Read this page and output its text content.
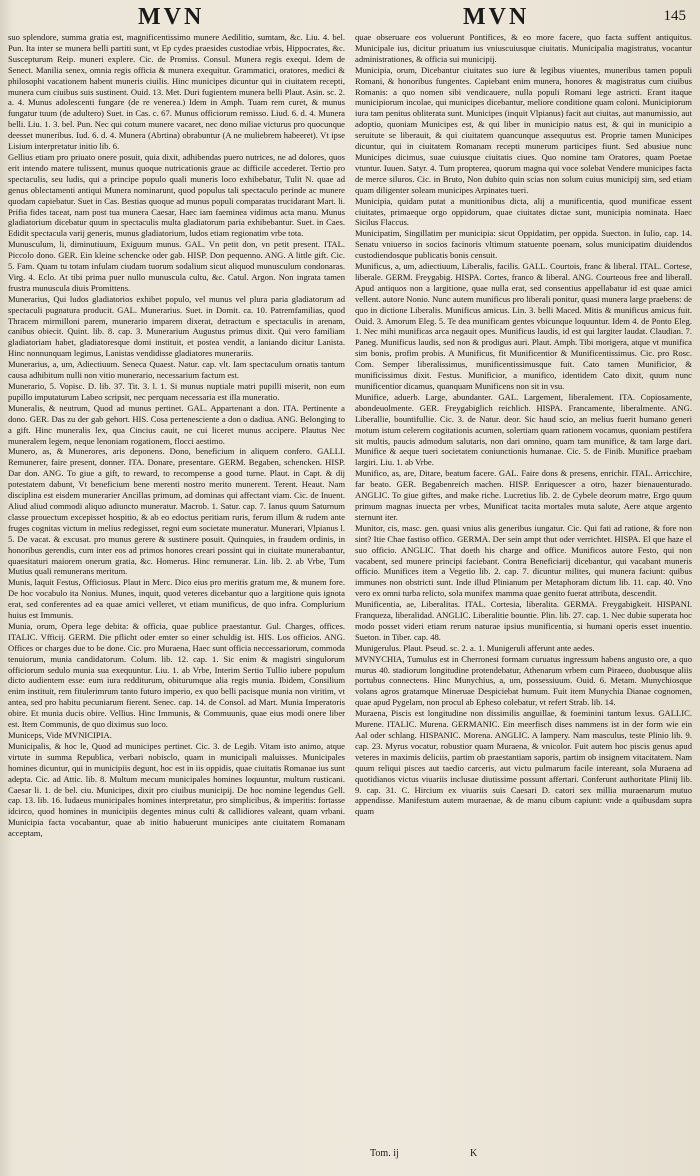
MVN	MVN	145

suo splendore, summa gratia est, magnificentissimo munere Aedilitio, sumtam, &c. Liu. 4. bel. Pun. Ita inter se munera belli partiti sunt, vt Ep cydes praesides custodiae vrbis, Hippocrates, &c. Suscepturum Reip. muneri explere. Cic. de Promiss. Consul. Munera regis exequi. Idem de Senect. Manilia senex, omnia regis officia & munera exequitur. Grammatici, oratores, medici & philosophi vacationem habent muneris ciuilis. Hinc municipes dicuntur qui in ciuitatem recepti, munera cum ciuibus suis sustinent. Ouid. 13. Met. Duri fugientem munera belli Plaut. Asin. sc. 2. a. 4. Munus adolescenti fungare (de re venerea.) Idem in Amph. Tuam rem curet, & munus fungatur tuum (de adultero) Suet. in Cas. c. 67. Munus officiorum remisso. Liud. 6. d. 4. Munera belli. Liu. 1. 3. bel. Pun. Nec qui cotum munere vacaret, nec dono miliae victurus pro quocunque deesset muneribus. Iud. 6. d. 4. Munera (Abrtina) obrabuntur (A ne muliebrem habeeret). Vt ipse Lisium interpretatur initio lib. 6.

Gellius etiam pro priuato onere posuit, quia dixit, adhibendas puero nutrices, ne ad dolores, quos erit intendo matere tulissent, munus quoque nutricationis graue ac difficile accederet. Tertio pro spectaculis, seu ludis, qui a principe populo quali muneris loco exhibebatur, Tulit N. quae ad genus oblectamenti antiqui Munera nominarunt, quod populus tali spectaculo perinde ac munere quodam capiebatur. Suet in Cas. Bestias quoque ad munus populi comparatas trucidarant Mart. li. Prifia fides taceat, nam post tua munera Caesar, Haec iam faeminea vidimus acta manu. Munus gladiatorium dicebatur quum in spectaculis multa gladiatorum paria exhibebantur. Suet. in Caes. Edidit spectacula varij generis, munus gladiatorium, ludos etiam regionatim vrbe tota.

Munusculum, li, diminutiuum, Exiguum munus. GAL. Vn petit don, vn petit present. ITAL. Piccolo dono. GER. Ein kleine schencke oder gab. HISP. Don pequenno. ANG. A little gift. Cic. 5. Fam. Quam tu totam infulam ciudam tuorum sodalium sicut aliquod munusculum condonaras. Virg. 4. Eclo. At tibi prima puer nullo munuscula cultu, &c. Catul. Argon. Non ingrata tamen frustra munuscula diuis Promittens.

Munerarius, Qui ludos gladiatorios exhibet populo, vel munus vel plura paria gladiatorum ad spectaculi pugnatura producit. GAL. Munerarius. Suet. in Domit. ca. 10. Patremfamilias, quod Thracem mirmilloni parem, munerario imparem dixerat, detractum e spectaculis in arenam, canibus obiecit. Quint. lib. 8. cap. 3. Munerarium Augustus primus dixit. Qui vero familiam gladiatoriam habet, gladiatoresque domi instituit, et postea vendit, a laniando dicitur Lanista. Hinc nonnunquam legimus, Lanistas vendidisse gladiatores munerariis.

Munerarius, a, um, Adiectiuum. Seneca Quaest. Natur. cap. vlt. Iam spectaculum ornatis tantum causa adhibitum nulli non vitio munerario, necessarium factum est.

Munerario, 5. Vopisc. D. lib. 37. Tit. 3. l. 1. Si munus nuptiale matri pupilli miserit, non eum pupillo imputaturum Labeo scripsit, nec perquam necessaria est illa muneratio.

Muneralis, & neutrum, Quod ad munus pertinet. GAL. Appartenant a don. ITA. Pertinente a dono. GER. Das zu der gab gehort. HIS. Cosa pertenesciente a don o dadiua. ANG. Belonging to a gift. Hinc muneralis lex, qua Cincius cauit, ne cui liceret munus accipere. Plautus Nec muneralem legem, neque lenoniam rogationem, flocci aestimo.

Munero, as, & Munerores, aris deponens. Dono, beneficium in aliquem confero. GALLI. Remunerer, faire present, donner. ITA. Donare, presentare. GERM. Begaben, schencken. HISP. Dar don. ANG. To giue a gift, to reward, to recompense a good turne. Plaut. in Capt. & dij potestatem dabunt, Vt beneficium bene merenti nostro merito munerent. Terent. Heaut. Nam disciplina est eisdem munerarier Ancillas primum, ad dominas qui affectant viam. Cic. de Inuent. Aliud aliud commodi aliquo adiuncto muneratur. Macrob. 1. Satur. cap. 7. Ianus quum Saturnum classe prouectum excepisset hospitio, & ab eo edoctus peritiam ruris, ferum illum & rudem ante fruges cognitas victum in melius redegisset, regni eum societate muneratur. Munerari, Vlpianus l. 5. De vacat. & excusat. pro munus gerere & sustinere posuit. Quinquies, in fraudem ordinis, in honoribus gerendis, cum inter eos ad primos honores creari possint qui in ciuitate munerabantur, quaesitaturi maiorem onerum gratia, &c. Homerus. Hinc remunerar. Lin. lib. 2. ab Vrbe, Tum Mutius quali remunerans meritum.

Munis, laquit Festus, Officiosus. Plaut in Merc. Dico eius pro meritis gratum me, & munem fore. De hoc vocabulo ita Nonius. Munes, inquit, quod veteres dicebantur quo a largitione quis ignota erat, sed conferentes ad ea quae amici velleret, vt etiam munificus, de quo infra. Complurium huius est Immunis.

Munia, orum, Opera lege debita: & officia, quae publice praestantur. Gul. Charges, offices. ITALIC. Vfficij. GERM. Die pflicht oder emter so einer schuldig ist. HIS. Los officios. ANG. Offices or charges due to be done. Cic. pro Muraena, Haec sunt officia neccessariorum, commoda tenuiorum, munia candidatorum. Colum. lib. 12. cap. 1. Sic enim & magistri singulorum officiorum sedulo munia sua exequuntur. Liu. 1. ab Vrbe, Interim Sertio Tullio iubere populum dicto audientem esse: eum iura redditurum, obiturumque alia regis munia. Ibidem, Consilium enim instituit, rem fitulerimrum tanto futuro imperio, ex quo belli pacisque munia non viritim, vt antea, sed pro habitu pecuniarum fierent. Senec. cap. 14. de Consol. ad Mart. Munia Imperatoris obire. Et munia ducis obire. Vellius. Hinc Immunis, & Commuunis, quae eius modi onere liber est. Item Communis, de quo diximus suo loco.

Municeps, Vide MVNICIPIA.

Municipalis, & hoc le, Quod ad municipes pertinet. Cic. 3. de Legib. Vitam isto animo, atque virtute in summa Republica, verbari nobisclo, quam in municipali maluisses. Municipales homines dicuntur, qui in municipiis degunt, hoc est in iis oppidis, quae ciuitatis Romanae ius sunt adepta. Cic. ad Attic. lib. 8. Multum mecum municipales homines loquuntur, multum rusticani. Caesar li. 1. de bel. ciu. Municipes, dixit pro ciuibus municipij. De hoc nomine legendus Gell. cap. 13. lib. 16. Iudaeus municipales homines interpretatur, pro simplicibus, & imperitis: fortasse idcirco, quod homines in municipiis degentes minus culti & callidiores valeant, quam vrbani. Municipia facta vocabantur, quae ab initio habuerunt municipes ante ciuitatem Romanam acceptam,

quae obseruare eos voluerunt Pontifices, & eo more facere, quo facta suffent antiquitus. Municipale ius, dicitur priuatum ius vniuscuiusque ciuitatis. Municipalia magistratus, vocantur administrationes, & officia sui municipij.

Municipia, orum, Dicebantur ciuitates suo iure & legibus viuentes, muneribus tamen populi Romani, & honoribus fungentes. Capiebant enim munera, honores & magistratus cum ciuibus Romanis: a quo nomen sibi vendicauere, nulla populi Romani lege astricti. Erant itaque municipiorum incolae, qui municipes dicebantur, meliore conditione quam coloni. Municipiorum iura tam penitus obliterata sunt. Municipes (inquit Vlpianus) facit aut ciuitas, aut manumissio, aut adoptio, quoniam Municipes est, & qui liber in municipio natus est, & qui in municipio a seruitute se liberauit, & qui ciuitatem quancunque assequutus est. Proprie tamen Municipes dicuntur, qui in ciuitatem Romanam recepti munerum participes fiunt. Sed abusiue nunc Municipes dicimus, suae cuiusque ciuitatis ciues. Quo nomine tam Oratores, quam Poetae vtuntur. Iuuen. Satyr. 4. Tum propterea, quorum magna qui voce solebat Vendere municipes facta de merce siluros. Cic. in Bruto, Non dubito quin scias non solum cuius municipij sim, sed etiam quam diligenter soleam municipes Arpinates tueri.

Municipia, quidam putat a munitionibus dicta, alij a munificentia, quod munificae essent ciuitates, primaeque orgo oppidorum, quae ciuitates dictae sunt, municipia nominata. Haec Sicilus Flaccus.

Municipatim, Singillatim per municipia: sicut Oppidatim, per oppida. Suecton. in Iulio, cap. 14. Senatu vniuerso in socios facinoris vltimum statuente poenam, solus municipatim diuidendos custodiendosque publicatis bonis censuit.

Munificus, a, um, adiectiuum, Liberalis, facilis. GALL. Courtois, franc & liberal. ITAL. Cortese, liberale. GERM. Freygabig. HISPA. Cortes, franco & liberal. ANG. Courteous free and liberall. Apud antiquos non a largitione, quae nulla erat, sed consentius appellabatur id est quae amici vellent. autore Nonio. Nunc autem munificus pro liberali ponitur, quasi munera large praebens: de quo in dictione Liberalis. Munificus amicus. Lin. 3. belli Maced. Mitis & munificus amicus fuit. Ouid. 3. Amorum Eleg. 5. Te dea munificam gentes vbicunque loquuntur. Idem 4. de Ponto Eleg. 1. Nec mihi munificas arca negauit opes. Munificus laudis, id est qui largiter laudat. Claudian. 7. Paneg. Munificus laudis, sed non & prodigus auri. Plaut. Amph. Tibi morigera, atque vt munifica sim bonis, profim probis. A Munificus, fit Munificentior & Munificentissimus. Cic. pro Rosc. Com. Semper liberalissimus, munificentissimusque fuit. Cato tamen Munificior, & munificissimus dixit. Festus. Munificior, a munifico, identidem Cato dixit, quum nunc munificentior dicamus, quanquam Munificens non sit in vsu.

Munifice, aduerb. Large, abundanter. GAL. Largement, liberalement. ITA. Copiosamente, abondeuolmente. GER. Freygabiglich reichlich. HISPA. Francamente, liberalmente. ANG. Liberallie, bountifullie. Cic. 3. de Natur. deor. Sic haud scio, an melius fuerit humano generi motum istum celerem cogitationis acumen, solertiam quam rationem vocamus, quoniam pestifera sit multis, paucis admodum salutaris, non dari omnino, quam tam munifice, & tam large dari. Munifice & aeque tueri societatem coniunctionis humanae. Cic. 5. de Finib. Munifice praebam largiri. Liu. 1. ab Vrbe.

Munifico, as, are, Ditare, beatum facere. GAL. Faire dons & presens, enrichir. ITAL. Arricchire, far beato. GER. Begabenreich machen. HISP. Enriquescer a otro, hazer bienauenturado. ANGLIC. To giue giftes, and make riche. Lucretius lib. 2. de Cybele deorum matre, Ergo quum primum magnas inuecta per vrbes, Munificat tacita mortales muta salute, Aere atque argento sternunt iter.

Munitor, cis, masc. gen. quasi vnius alis generibus iungatur. Cic. Qui fati ad ratione, & fore non sint? Itie Chae fastiso offico. GERMA. Der sein ampt thut oder verrichtet. HISPA. El que haze el suo officio. ANGLIC. That doeth his charge and office. Munificos autore Festo, qui non vacabent, sed munere principi faciebant. Contra Beneficiarij dicebantur, qui vacabant muneris officio. Munifices item a Vegetio lib. 2. cap. 7. dicuntur milites, qui munera faciunt: quibus immunes non obstricti sunt. Inde illud Plinianum per Metaphoram dictum lib. 11. cap. 40. Vno vero ex omni turba relicto, sola munifex mamma quae genito fuerat attributa, descendit.

Munificentia, ae, Liberalitas. ITAL. Cortesia, liberalita. GERMA. Freygabigkeit. HISPANI. Franqueza, liberalidad. ANGLIC. Liberalitie bountie. Plin. lib. 27. cap. 1. Nec dubie superata hoc modo posset videri etiam rerum naturae ipsius munificentia, si humani operis esset inuentio. Sueton. in Tiber. cap. 48.

Munigerulus. Plaut. Pseud. sc. 2. a. 1. Munigeruli afferunt ante aedes.

MVNYCHIA, Tumulus est in Cherronesi formam curuatus ingressum habens angusto ore, a quo murus 40. stadiorum longitudine protendebatur, Athenarum vrbem cum Piraeeo, duobusque aliis portubus connectens. Hinc Munychius, a, um, possessiuum. Ouid. 6. Metam. Munychiosque volans agros gratamque Mineruae Despiciebat humum. Fuit item Munychia Dianae cognomen, quae apud Pygelam, non procul ab Epheso colebatur, vt refert Strab. lib. 14.

Muraena, Piscis est longitudine non dissimilis anguillae, & foeminini tantum lexus. GALLIC. Murene. ITALIC. Murena. GERMANIC. Ein meerfisch dises nammens ist in der form wie ein Aal oder schlang. HISPANIC. Morena. ANGLIC. A lampery. Nam masculus, teste Plinio lib. 9. cap. 23. Myrus vocatur, robustior quam Muraena, & vnicolor. Fuit autem hoc piscis genus apud veteres in maximis deliciis, partim ob praestantiam saporis, partim ob insignem vitacitatem. Nam quum reliqui pisces aut taedio carceris, aut victu pulmarum facile intereant, sola Muraena ad quotidianos victus viuariis inclusae diutissime possunt affertari. Conferunt authoritate Plinij lib. 9. cap. 31. C. Hircium ex viuariis suis Caesari D. catori sex millia muraenarum mutuo appendisse. Manifestum autem muraenae, & de manu cibum capiunt: vnde a quibusdam supra quam

Tom. ij	K
